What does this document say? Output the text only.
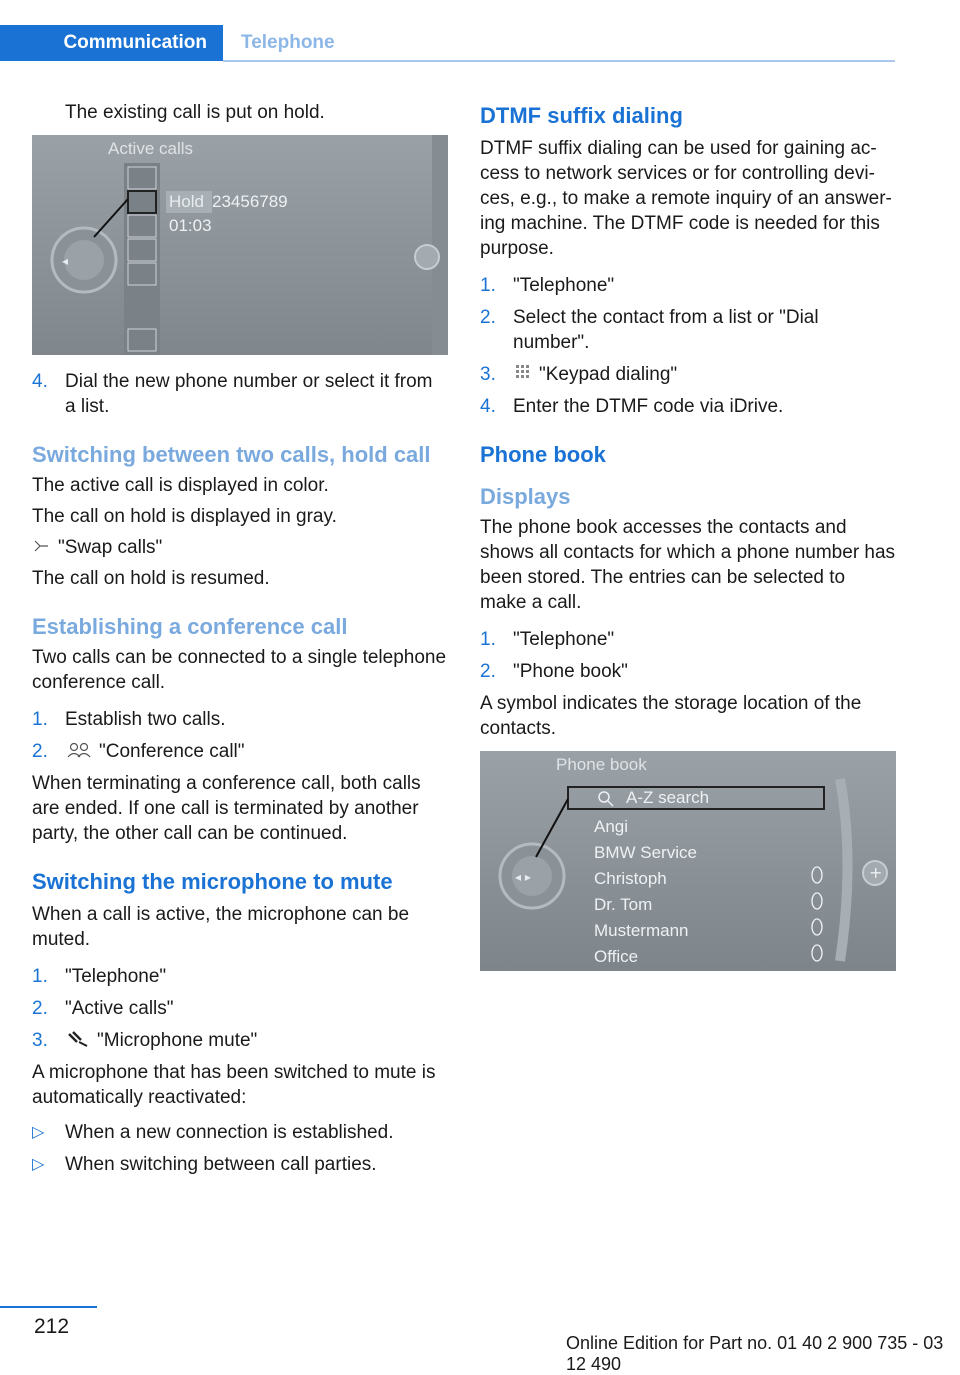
Communication	Telephone

The existing call is put on hold.

◂
Active calls
Hold 23456789
01:03
4. Dial the new phone number or select it from a list.
Switching between two calls, hold call

The active call is displayed in color.

The call on hold is displayed in gray.

"Swap calls"

The call on hold is resumed.

Establishing a conference call

Two calls can be connected to a single telephone conference call.

1. Establish two calls.
2.	"Conference call"

When terminating a conference call, both calls are ended. If one call is terminated by another party, the other call can be continued.

Switching the microphone to mute

When a call is active, the microphone can be muted.

1. "Telephone"
2. "Active calls"
3.	"Microphone mute"

A microphone that has been switched to mute is automatically reactivated:

▷ When a new connection is established.
▷ When switching between call parties.
DTMF suffix dialing

DTMF suffix dialing can be used for gaining access to network services or for controlling devices, e.g., to make a remote inquiry of an answering machine. The DTMF code is needed for this purpose.

1. "Telephone"
2. Select the contact from a list or "Dial number".
3. "Keypad dialing"
4. Enter the DTMF code via iDrive.
Phone book
Displays

The phone book accesses the contacts and shows all contacts for which a phone number has been stored. The entries can be selected to make a call.

1. "Telephone"
2. "Phone book"

A symbol indicates the storage location of the contacts.

◂ ▸	+
Phone book
A-Z search
Angi
BMW Service
Christoph
Dr. Tom
Mustermann
Office
212
Online Edition for Part no. 01 40 2 900 735 - 03 12 490
